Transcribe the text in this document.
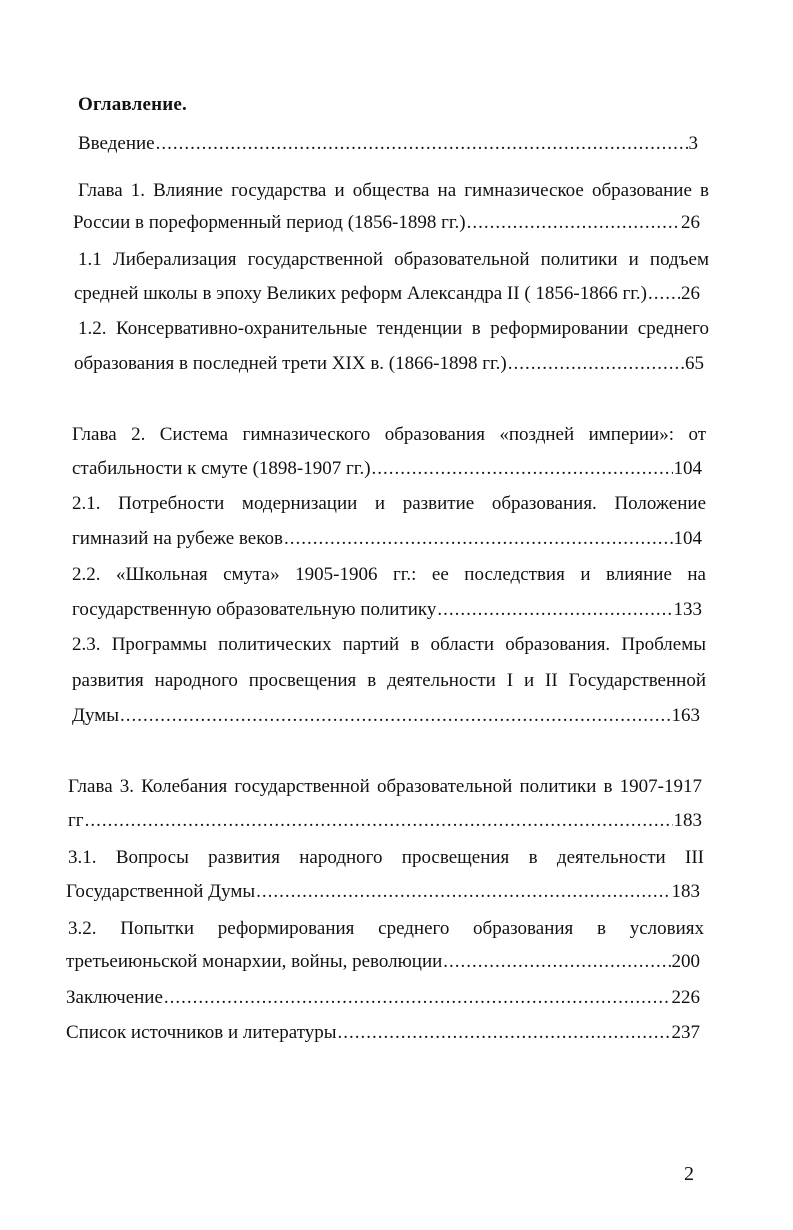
Оглавление.
Введение .....	3
Глава 1. Влияние государства и общества на гимназическое образование в
России в пореформенный период (1856-1898 гг.) .....	26
1.1 Либерализация государственной образовательной политики и подъем
средней школы в эпоху Великих реформ Александра II ( 1856-1866 гг.) ..... 26
1.2. Консервативно-охранительные тенденции в реформировании среднего
образования в последней трети XIX в. (1866-1898 гг.) .....	65
Глава 2. Система гимназического образования «поздней империи»: от
стабильности к смуте (1898-1907 гг.) .....	104
2.1. Потребности модернизации и развитие образования. Положение
гимназий на рубеже веков .....	104
2.2. «Школьная смута» 1905-1906 гг.: ее последствия и влияние на
государственную образовательную политику .....	133
2.3. Программы политических партий в области образования. Проблемы
развития народного просвещения в деятельности I и II Государственной
Думы .....	163
Глава 3. Колебания государственной образовательной политики в 1907-1917
гг .....	183
3.1. Вопросы развития народного просвещения в деятельности III
Государственной Думы .....	183
3.2. Попытки реформирования среднего образования в условиях
третьеиюньской монархии, войны, революции .....	200
Заключение .....	226
Список источников и литературы .....	237
2
